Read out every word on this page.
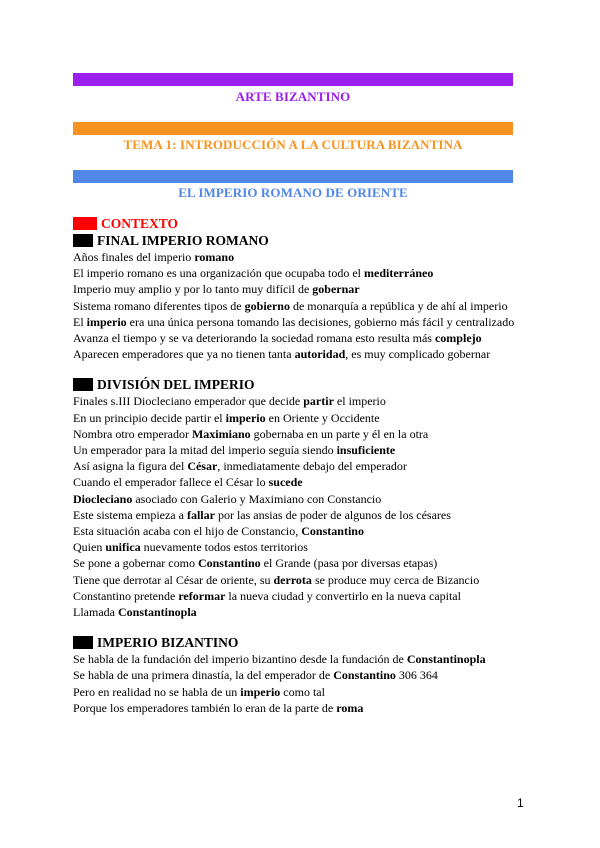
ARTE BIZANTINO
TEMA 1: INTRODUCCIÓN A LA CULTURA BIZANTINA
EL IMPERIO ROMANO DE ORIENTE
CONTEXTO
FINAL IMPERIO ROMANO
Años finales del imperio romano
El imperio romano es una organización que ocupaba todo el mediterráneo
Imperio muy amplio y por lo tanto muy difícil de gobernar
Sistema romano diferentes tipos de gobierno de monarquía a república y de ahí al imperio
El imperio era una única persona tomando las decisiones, gobierno más fácil y centralizado
Avanza el tiempo y se va deteriorando la sociedad romana esto resulta más complejo
Aparecen emperadores que ya no tienen tanta autoridad, es muy complicado gobernar
DIVISIÓN DEL IMPERIO
Finales s.III Diocleciano emperador que decide partir el imperio
En un principio decide partir el imperio en Oriente y Occidente
Nombra otro emperador Maximiano gobernaba en un parte y él en la otra
Un emperador para la mitad del imperio seguía siendo insuficiente
Así asigna la figura del César, inmediatamente debajo del emperador
Cuando el emperador fallece el César lo sucede
Diocleciano asociado con Galerio y Maximiano con Constancio
Este sistema empieza a fallar por las ansias de poder de algunos de los césares
Esta situación acaba con el hijo de Constancio, Constantino
Quien unifica nuevamente todos estos territorios
Se pone a gobernar como Constantino el Grande (pasa por diversas etapas)
Tiene que derrotar al César de oriente, su derrota se produce muy cerca de Bizancio
Constantino pretende reformar la nueva ciudad y convertirlo en la nueva capital
Llamada Constantinopla
IMPERIO BIZANTINO
Se habla de la fundación del imperio bizantino desde la fundación de Constantinopla
Se habla de una primera dinastía, la del emperador de Constantino 306 364
Pero en realidad no se habla de un imperio como tal
Porque los emperadores también lo eran de la parte de roma
1
